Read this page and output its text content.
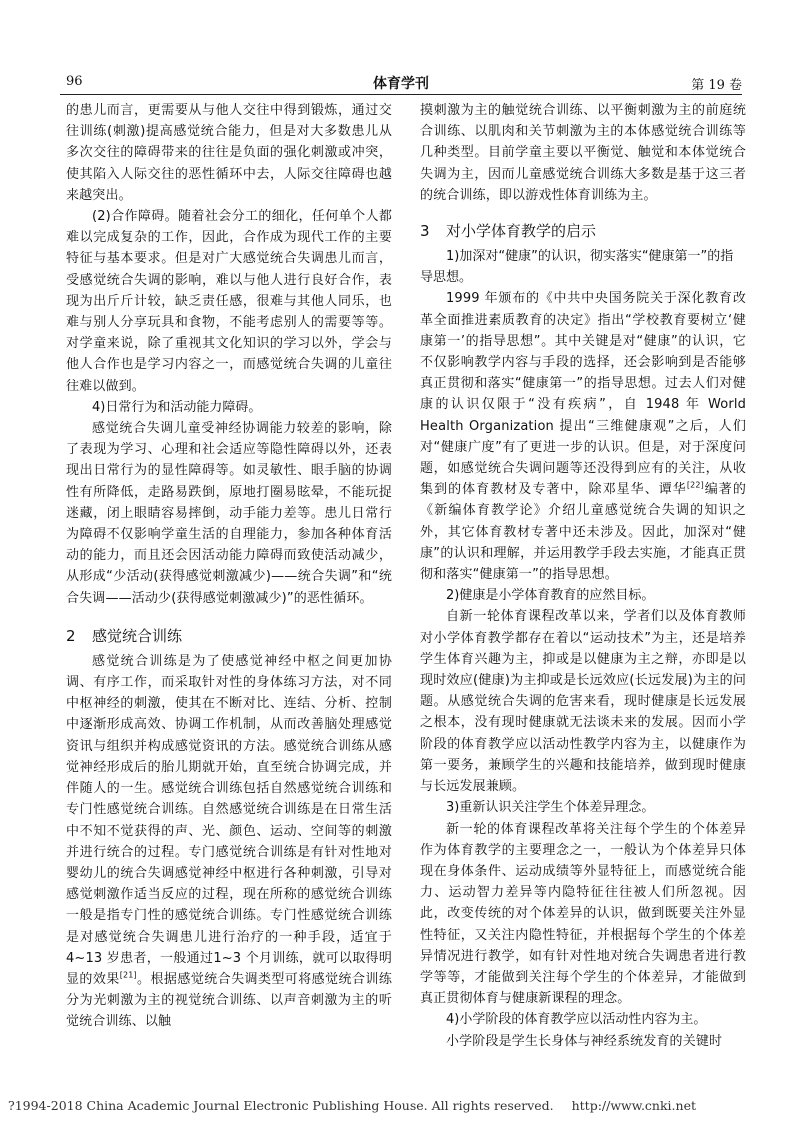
96	体育学刊	第 19 卷

的患儿而言，更需要从与他人交往中得到锻炼，通过交往训练(刺激)提高感觉统合能力，但是对大多数患儿从多次交往的障碍带来的往往是负面的强化刺激或冲突，使其陷入人际交往的恶性循环中去，人际交往障碍也越来越突出。

(2)合作障碍。随着社会分工的细化，任何单个人都难以完成复杂的工作，因此，合作成为现代工作的主要特征与基本要求。但是对广大感觉统合失调患儿而言，受感觉统合失调的影响，难以与他人进行良好合作，表现为出斤斤计较，缺乏责任感，很难与其他人同乐，也难与别人分享玩具和食物，不能考虑别人的需要等等。对学童来说，除了重视其文化知识的学习以外，学会与他人合作也是学习内容之一，而感觉统合失调的儿童往往难以做到。

4)日常行为和活动能力障碍。

感觉统合失调儿童受神经协调能力较差的影响，除了表现为学习、心理和社会适应等隐性障碍以外，还表现出日常行为的显性障碍等。如灵敏性、眼手脑的协调性有所降低，走路易跌倒，原地打圈易眩晕，不能玩捉迷藏，闭上眼睛容易摔倒，动手能力差等。患儿日常行为障碍不仅影响学童生活的自理能力，参加各种体育活动的能力，而且还会因活动能力障碍而致使活动减少，从形成“少活动(获得感觉刺激减少)——统合失调”和“统合失调——活动少(获得感觉刺激减少)”的恶性循环。

2 感觉统合训练

感觉统合训练是为了使感觉神经中枢之间更加协调、有序工作，而采取针对性的身体练习方法，对不同中枢神经的刺激，使其在不断对比、连结、分析、控制中逐渐形成高效、协调工作机制，从而改善脑处理感觉资讯与组织并构成感觉资讯的方法。感觉统合训练从感觉神经形成后的胎儿期就开始，直至统合协调完成，并伴随人的一生。感觉统合训练包括自然感觉统合训练和专门性感觉统合训练。自然感觉统合训练是在日常生活中不知不觉获得的声、光、颜色、运动、空间等的刺激并进行统合的过程。专门感觉统合训练是有针对性地对婴幼儿的统合失调感觉神经中枢进行各种刺激，引导对感觉刺激作适当反应的过程，现在所称的感觉统合训练一般是指专门性的感觉统合训练。专门性感觉统合训练是对感觉统合失调患儿进行治疗的一种手段，适宜于 4~13 岁患者，一般通过1~3 个月训练，就可以取得明显的效果[21]。根据感觉统合失调类型可将感觉统合训练分为光刺激为主的视觉统合训练、以声音刺激为主的听觉统合训练、以触

摸刺激为主的触觉统合训练、以平衡刺激为主的前庭统合训练、以肌肉和关节刺激为主的本体感觉统合训练等几种类型。目前学童主要以平衡觉、触觉和本体觉统合失调为主，因而儿童感觉统合训练大多数是基于这三者的统合训练，即以游戏性体育训练为主。

3 对小学体育教学的启示

1)加深对“健康”的认识，彻实落实“健康第一”的指导思想。

1999 年颁布的《中共中央国务院关于深化教育改革全面推进素质教育的决定》指出“学校教育要树立‘健康第一’的指导思想”。其中关键是对“健康”的认识，它不仅影响教学内容与手段的选择，还会影响到是否能够真正贯彻和落实“健康第一”的指导思想。过去人们对健康的认识仅限于“没有疾病”，自 1948 年 World Health Organization 提出“三维健康观”之后，人们对“健康广度”有了更进一步的认识。但是，对于深度问题，如感觉统合失调问题等还没得到应有的关注，从收集到的体育教材及专著中，除邓星华、谭华[22]编著的《新编体育教学论》介绍儿童感觉统合失调的知识之外，其它体育教材专著中还未涉及。因此，加深对“健康”的认识和理解，并运用教学手段去实施，才能真正贯彻和落实“健康第一”的指导思想。

2)健康是小学体育教育的应然目标。

自新一轮体育课程改革以来，学者们以及体育教师对小学体育教学都存在着以“运动技术”为主，还是培养学生体育兴趣为主，抑或是以健康为主之辩，亦即是以现时效应(健康)为主抑或是长远效应(长远发展)为主的问题。从感觉统合失调的危害来看，现时健康是长远发展之根本，没有现时健康就无法谈未来的发展。因而小学阶段的体育教学应以活动性教学内容为主，以健康作为第一要务，兼顾学生的兴趣和技能培养，做到现时健康与长远发展兼顾。

3)重新认识关注学生个体差异理念。

新一轮的体育课程改革将关注每个学生的个体差异作为体育教学的主要理念之一，一般认为个体差异只体现在身体条件、运动成绩等外显特征上，而感觉统合能力、运动智力差异等内隐特征往往被人们所忽视。因此，改变传统的对个体差异的认识，做到既要关注外显性特征，又关注内隐性特征，并根据每个学生的个体差异情况进行教学，如有针对性地对统合失调患者进行教学等等，才能做到关注每个学生的个体差异，才能做到真正贯彻体育与健康新课程的理念。

4)小学阶段的体育教学应以活动性内容为主。

小学阶段是学生长身体与神经系统发育的关键时

?1994-2018 China Academic Journal Electronic Publishing House. All rights reserved. http://www.cnki.net
